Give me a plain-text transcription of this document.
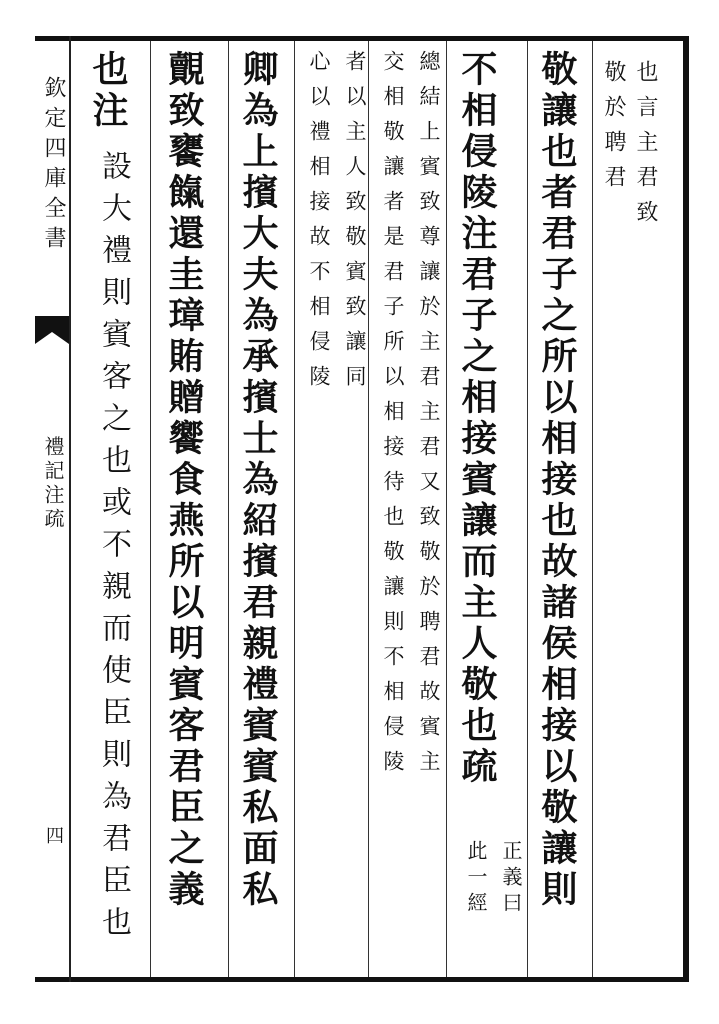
欽定四庫全書
禮記注疏
四
也言主君致
敬於聘君
敬讓也者君子之所以相接也故諸侯相接以敬讓則
不相侵陵注君子之相接賓讓而主人敬也疏
正義曰
此一經
總結上賓致尊讓於主君主君又致敬於聘君故賓主
交相敬讓者是君子所以相接待也敬讓則不相侵陵
者以主人致敬賓致讓同
心以禮相接故不相侵陵
卿為上擯大夫為承擯士為紹擯君親禮賓賓私面私
覿致饔餼還圭璋賄贈饗食燕所以明賓客君臣之義
也注
設大禮則賓客之也或不親而使臣則為君臣也
